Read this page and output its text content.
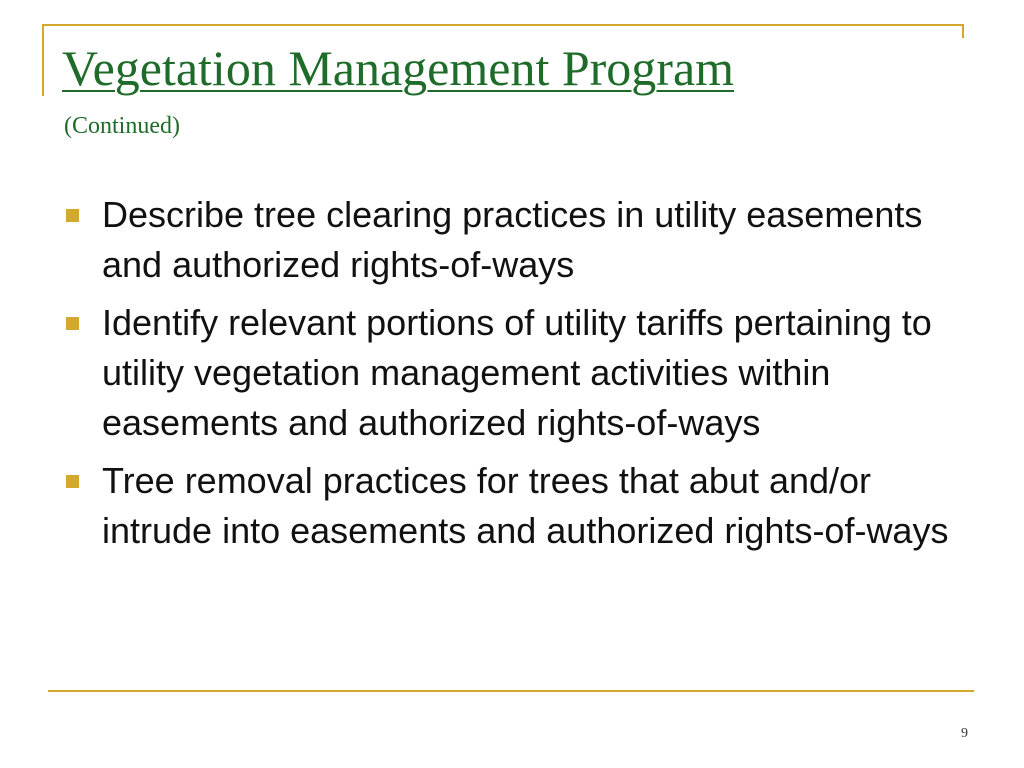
Vegetation Management Program

(Continued)

Describe tree clearing practices in utility easements and authorized rights-of-ways
Identify relevant portions of utility tariffs pertaining to utility vegetation management activities within easements and authorized rights-of-ways
Tree removal practices for trees that abut and/or intrude into easements and authorized rights-of-ways
9
